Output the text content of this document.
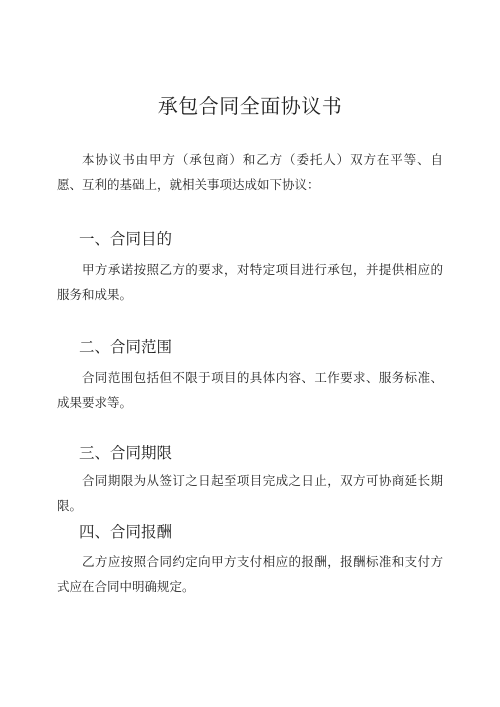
承包合同全面协议书

本协议书由甲方（承包商）和乙方（委托人）双方在平等、自愿、互利的基础上，就相关事项达成如下协议：

一、合同目的

甲方承诺按照乙方的要求，对特定项目进行承包，并提供相应的服务和成果。

二、合同范围

合同范围包括但不限于项目的具体内容、工作要求、服务标准、成果要求等。

三、合同期限

合同期限为从签订之日起至项目完成之日止，双方可协商延长期限。

四、合同报酬

乙方应按照合同约定向甲方支付相应的报酬，报酬标准和支付方式应在合同中明确规定。
